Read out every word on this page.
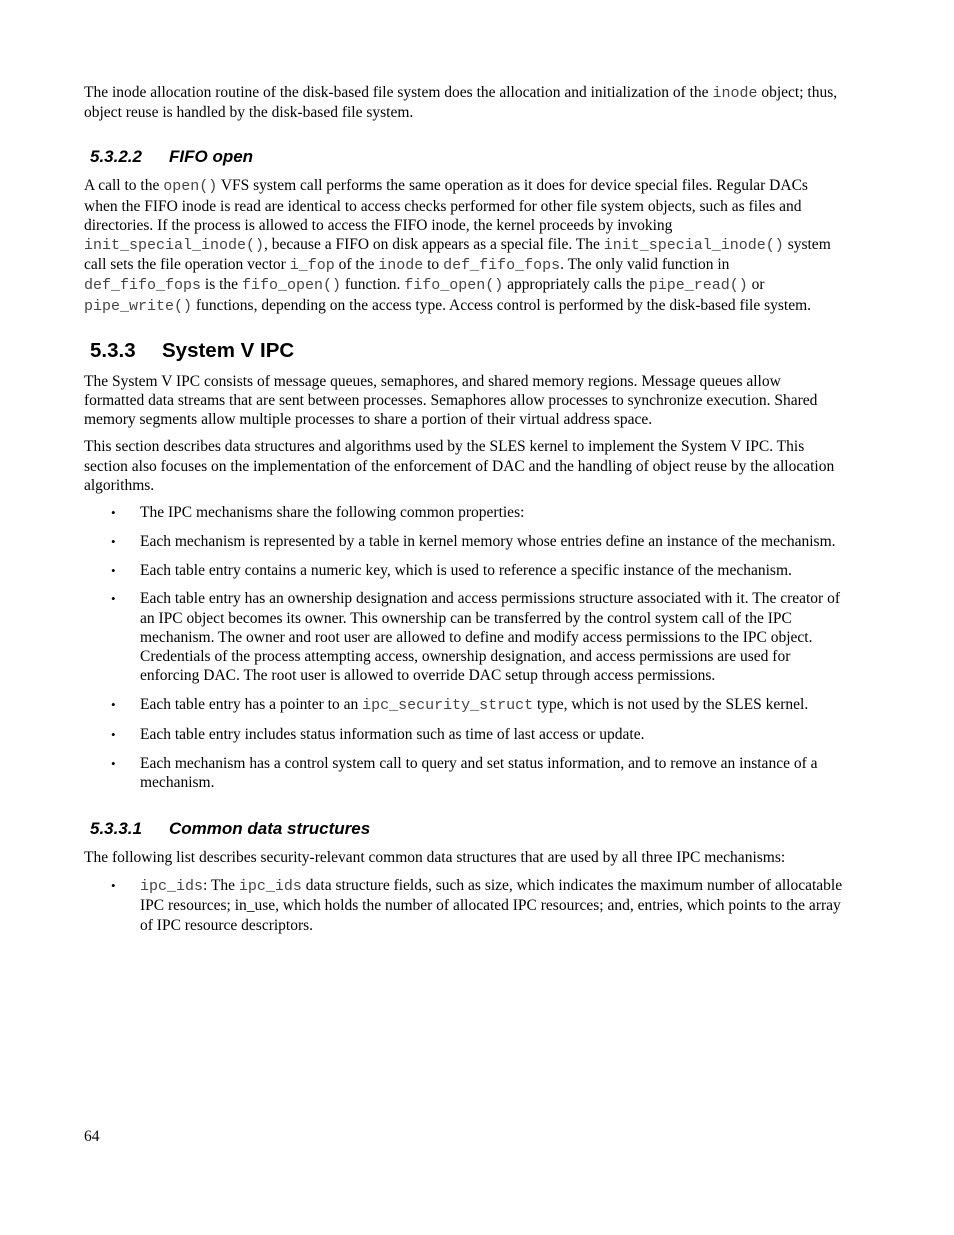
The inode allocation routine of the disk-based file system does the allocation and initialization of the inode object; thus, object reuse is handled by the disk-based file system.

5.3.2.2 FIFO open

A call to the open() VFS system call performs the same operation as it does for device special files. Regular DACs when the FIFO inode is read are identical to access checks performed for other file system objects, such as files and directories. If the process is allowed to access the FIFO inode, the kernel proceeds by invoking init_special_inode(), because a FIFO on disk appears as a special file. The init_special_inode() system call sets the file operation vector i_fop of the inode to def_fifo_fops. The only valid function in def_fifo_fops is the fifo_open() function. fifo_open() appropriately calls the pipe_read() or pipe_write() functions, depending on the access type. Access control is performed by the disk-based file system.

5.3.3 System V IPC

The System V IPC consists of message queues, semaphores, and shared memory regions. Message queues allow formatted data streams that are sent between processes. Semaphores allow processes to synchronize execution. Shared memory segments allow multiple processes to share a portion of their virtual address space.

This section describes data structures and algorithms used by the SLES kernel to implement the System V IPC. This section also focuses on the implementation of the enforcement of DAC and the handling of object reuse by the allocation algorithms.

• The IPC mechanisms share the following common properties:
• Each mechanism is represented by a table in kernel memory whose entries define an instance of the mechanism.
• Each table entry contains a numeric key, which is used to reference a specific instance of the mechanism.
• Each table entry has an ownership designation and access permissions structure associated with it. The creator of an IPC object becomes its owner. This ownership can be transferred by the control system call of the IPC mechanism. The owner and root user are allowed to define and modify access permissions to the IPC object. Credentials of the process attempting access, ownership designation, and access permissions are used for enforcing DAC. The root user is allowed to override DAC setup through access permissions.
• Each table entry has a pointer to an ipc_security_struct type, which is not used by the SLES kernel.
• Each table entry includes status information such as time of last access or update.
• Each mechanism has a control system call to query and set status information, and to remove an instance of a mechanism.
5.3.3.1 Common data structures

The following list describes security-relevant common data structures that are used by all three IPC mechanisms:

• ipc_ids: The ipc_ids data structure fields, such as size, which indicates the maximum number of allocatable IPC resources; in_use, which holds the number of allocated IPC resources; and, entries, which points to the array of IPC resource descriptors.
64
